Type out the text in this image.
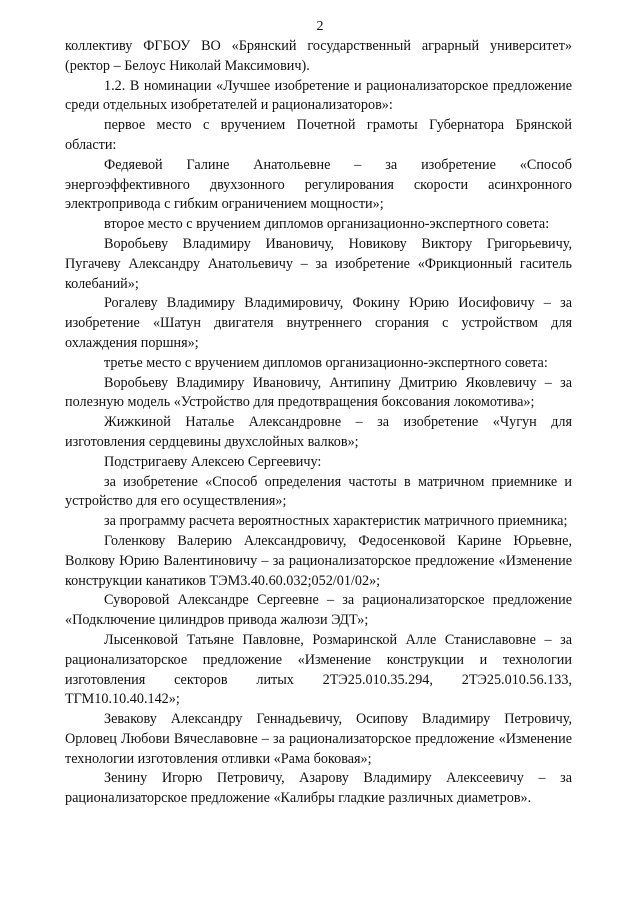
2

коллективу ФГБОУ ВО «Брянский государственный аграрный университет» (ректор – Белоус Николай Максимович).

1.2. В номинации «Лучшее изобретение и рационализаторское предложение среди отдельных изобретателей и рационализаторов»:

первое место с вручением Почетной грамоты Губернатора Брянской области:

Федяевой Галине Анатольевне – за изобретение «Способ энергоэффективного двухзонного регулирования скорости асинхронного электропривода с гибким ограничением мощности»;

второе место с вручением дипломов организационно-экспертного совета:

Воробьеву Владимиру Ивановичу, Новикову Виктору Григорьевичу, Пугачеву Александру Анатольевичу – за изобретение «Фрикционный гаситель колебаний»;

Рогалеву Владимиру Владимировичу, Фокину Юрию Иосифовичу – за изобретение «Шатун двигателя внутреннего сгорания с устройством для охлаждения поршня»;

третье место с вручением дипломов организационно-экспертного совета:

Воробьеву Владимиру Ивановичу, Антипину Дмитрию Яковлевичу – за полезную модель «Устройство для предотвращения боксования локомотива»;

Жижкиной Наталье Александровне – за изобретение «Чугун для изготовления сердцевины двухслойных валков»;

Подстригаеву Алексею Сергеевичу:

за изобретение «Способ определения частоты в матричном приемнике и устройство для его осуществления»;

за программу расчета вероятностных характеристик матричного приемника;

Голенкову Валерию Александровичу, Федосенковой Карине Юрьевне, Волкову Юрию Валентиновичу – за рационализаторское предложение «Изменение конструкции канатиков ТЭМ3.40.60.032;052/01/02»;

Суворовой Александре Сергеевне – за рационализаторское предложение «Подключение цилиндров привода жалюзи ЭДТ»;

Лысенковой Татьяне Павловне, Розмаринской Алле Станиславовне – за рационализаторское предложение «Изменение конструкции и технологии изготовления секторов литых 2ТЭ25.010.35.294, 2ТЭ25.010.56.133, ТГМ10.10.40.142»;

Зевакову Александру Геннадьевичу, Осипову Владимиру Петровичу, Орловец Любови Вячеславовне – за рационализаторское предложение «Изменение технологии изготовления отливки «Рама боковая»;

Зенину Игорю Петровичу, Азарову Владимиру Алексеевичу – за рационализаторское предложение «Калибры гладкие различных диаметров».
